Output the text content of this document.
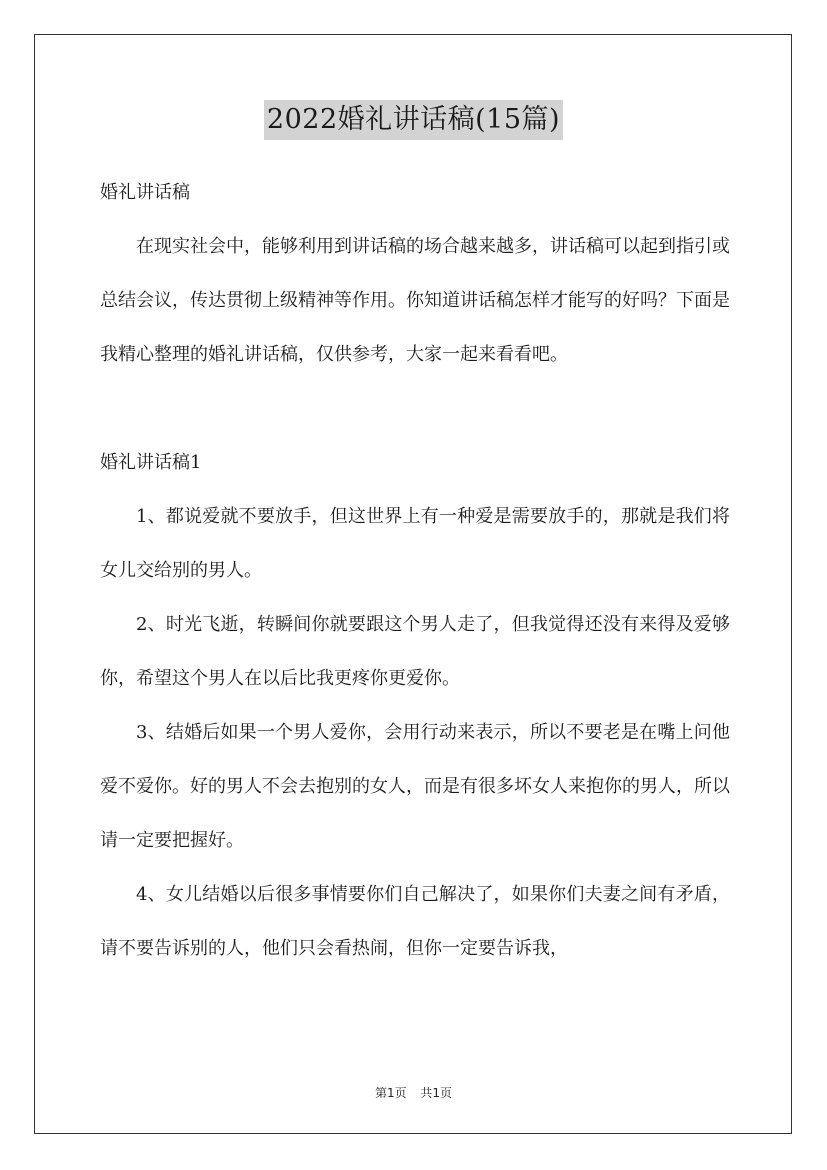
2022婚礼讲话稿(15篇)

婚礼讲话稿

在现实社会中，能够利用到讲话稿的场合越来越多，讲话稿可以起到指引或总结会议，传达贯彻上级精神等作用。你知道讲话稿怎样才能写的好吗？下面是我精心整理的婚礼讲话稿，仅供参考，大家一起来看看吧。

婚礼讲话稿1

1、都说爱就不要放手，但这世界上有一种爱是需要放手的，那就是我们将女儿交给别的男人。

2、时光飞逝，转瞬间你就要跟这个男人走了，但我觉得还没有来得及爱够你，希望这个男人在以后比我更疼你更爱你。

3、结婚后如果一个男人爱你，会用行动来表示，所以不要老是在嘴上问他爱不爱你。好的男人不会去抱别的女人，而是有很多坏女人来抱你的男人，所以请一定要把握好。

4、女儿结婚以后很多事情要你们自己解决了，如果你们夫妻之间有矛盾，请不要告诉别的人，他们只会看热闹，但你一定要告诉我，

第1页 共1页
